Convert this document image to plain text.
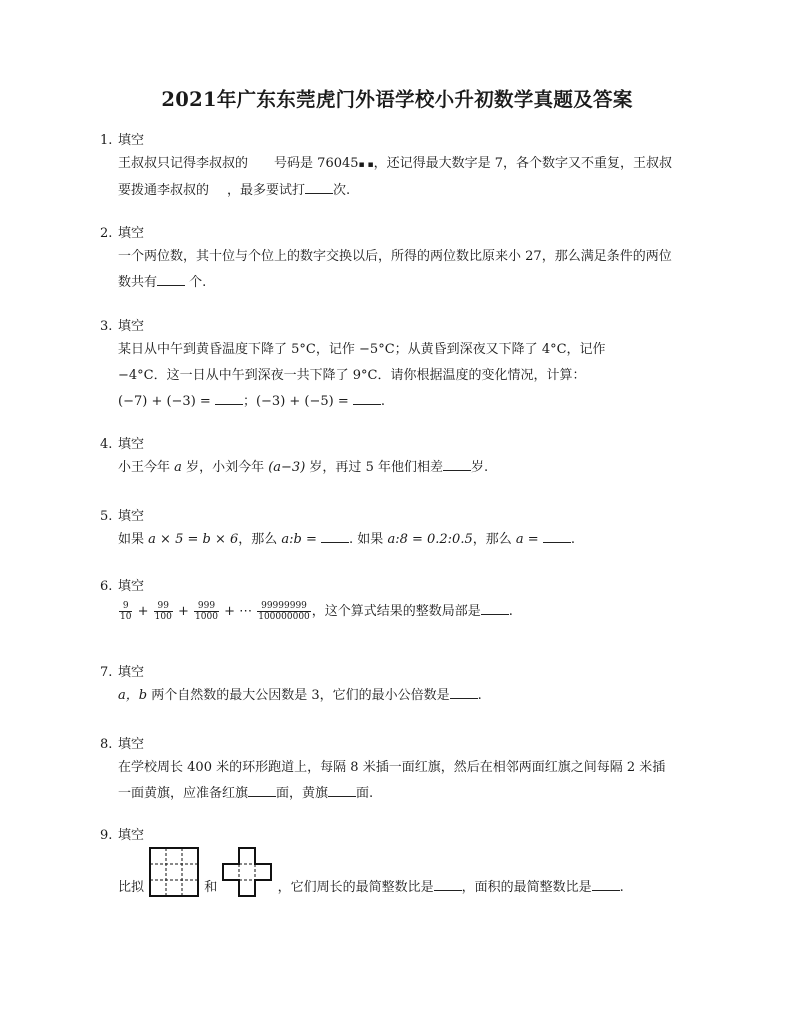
2021年广东东莞虎门外语学校小升初数学真题及答案
1. 填空
王叔叔只记得李叔叔的 号码是 76045▪ ▪，还记得最大数字是 7，各个数字又不重复，王叔叔
要拨通李叔叔的 ，最多要试打 次.
2. 填空
一个两位数，其十位与个位上的数字交换以后，所得的两位数比原来小 27，那么满足条件的两位
数共有 个.
3. 填空
某日从中午到黄昏温度下降了 5°C，记作 −5°C；从黄昏到深夜又下降了 4°C，记作
−4°C．这一日从中午到深夜一共下降了 9°C．请你根据温度的变化情况，计算：
(−7) + (−3) = ；(−3) + (−5) = .
4. 填空
小王今年 a 岁，小刘今年 (a−3) 岁，再过 5 年他们相差 岁.
5. 填空
如果 a × 5 = b × 6，那么 a:b = . 如果 a:8 = 0.2:0.5，那么 a = .
6. 填空
$\frac{9}{10} + \frac{99}{100} + \frac{999}{1000}$ + ⋯ $\frac{99999999}{100000000}$ ，这个算式结果的整数局部是 .
7. 填空
a，b 两个自然数的最大公因数是 3，它们的最小公倍数是 .
8. 填空
在学校周长 400 米的环形跑道上，每隔 8 米插一面红旗，然后在相邻两面红旗之间每隔 2 米插
一面黄旗，应准备红旗 面，黄旗 面.
9. 填空
比拟	和	，它们周长的最简整数比是 ，面积的最简整数比是 .
